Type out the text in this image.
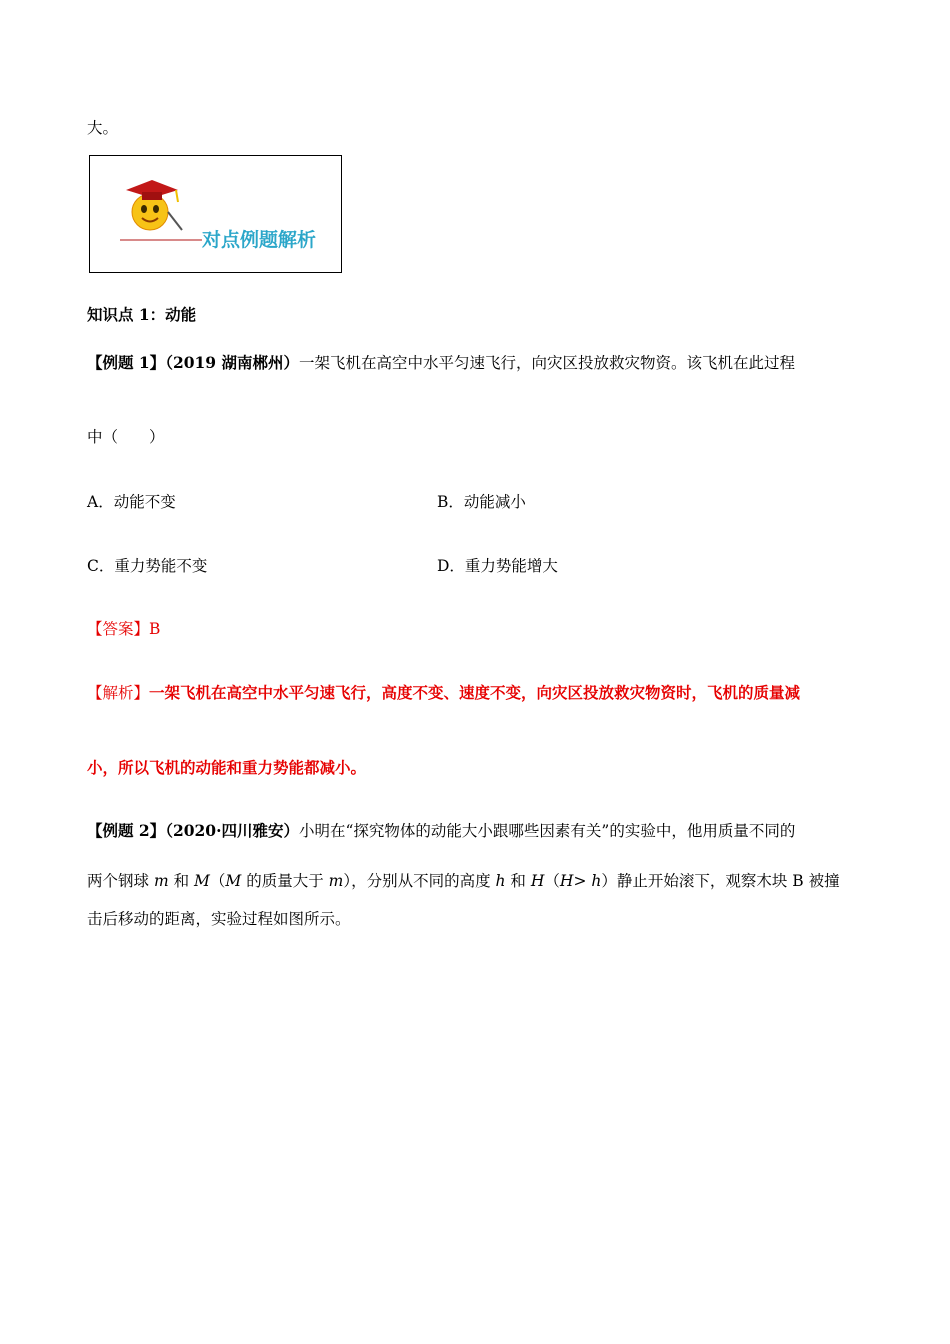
大。
对点例题解析
知识点 1：动能
【例题 1】（2019 湖南郴州）一架飞机在高空中水平匀速飞行，向灾区投放救灾物资。该飞机在此过程
中（　　）
A．动能不变	B．动能减小
C．重力势能不变	D．重力势能增大
【答案】B
【解析】一架飞机在高空中水平匀速飞行，高度不变、速度不变，向灾区投放救灾物资时，飞机的质量减
小，所以飞机的动能和重力势能都减小。
【例题 2】（2020·四川雅安）小明在“探究物体的动能大小跟哪些因素有关”的实验中，他用质量不同的
两个钢球 m 和 M（M 的质量大于 m），分别从不同的高度 h 和 H（H> h）静止开始滚下，观察木块 B 被撞
击后移动的距离，实验过程如图所示。
